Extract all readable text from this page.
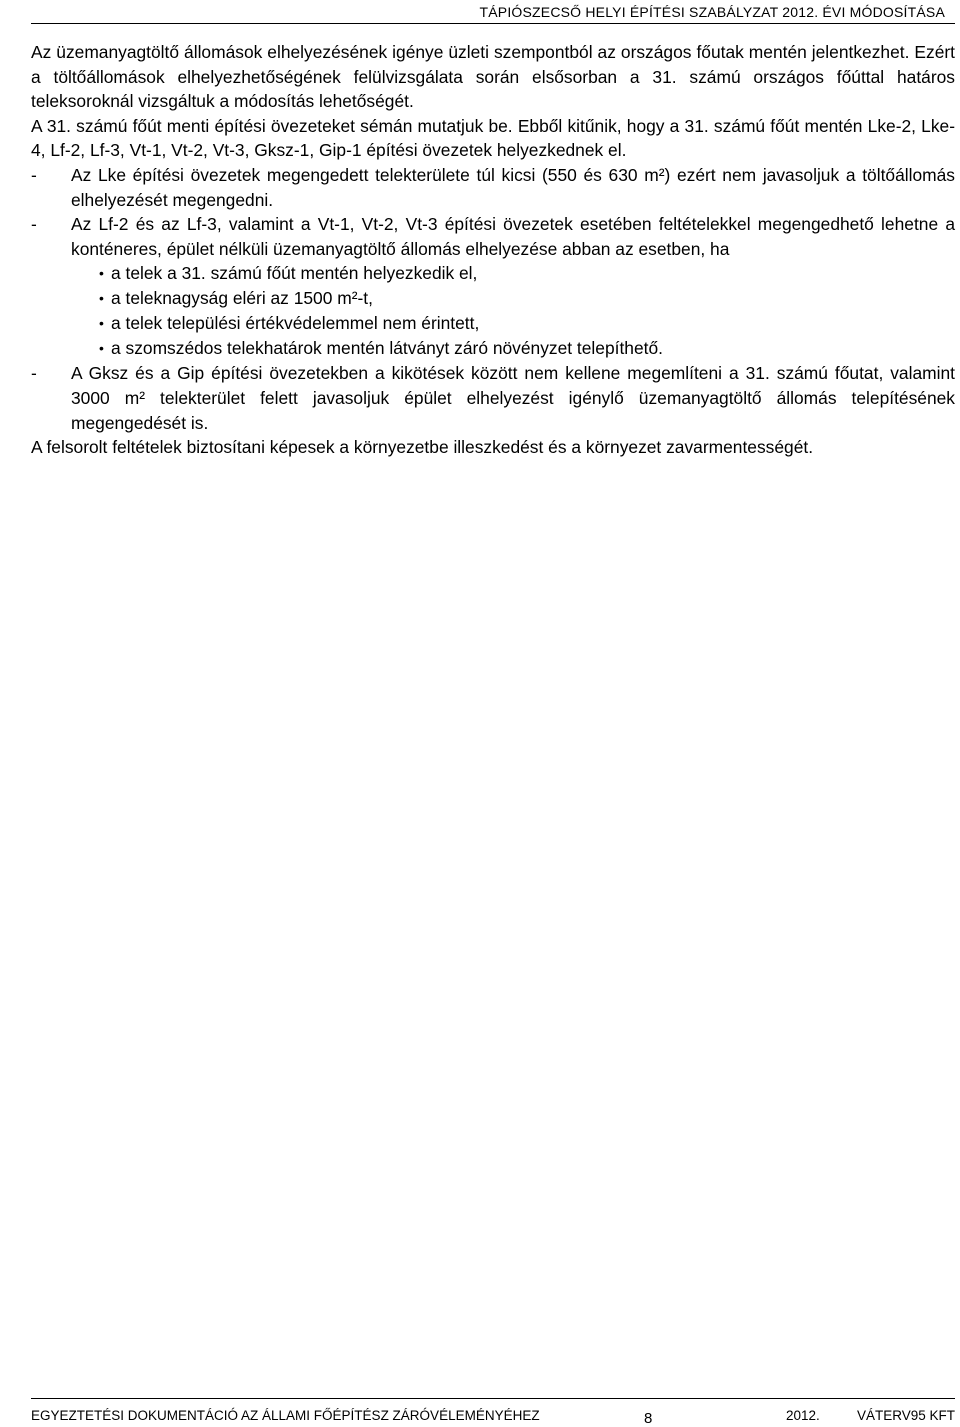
TÁPIÓSZECSŐ HELYI ÉPÍTÉSI SZABÁLYZAT 2012. ÉVI MÓDOSÍTÁSA

Az üzemanyagtöltő állomások elhelyezésének igénye üzleti szempontból az országos főutak mentén jelentkezhet. Ezért a töltőállomások elhelyezhetőségének felülvizsgálata során elsősorban a 31. számú országos főúttal határos teleksoroknál vizsgáltuk a módosítás lehetőségét.

A 31. számú főút menti építési övezeteket sémán mutatjuk be. Ebből kitűnik, hogy a 31. számú főút mentén Lke-2, Lke-4, Lf-2, Lf-3, Vt-1, Vt-2, Vt-3, Gksz-1, Gip-1 építési övezetek helyezkednek el.

-	Az Lke építési övezetek megengedett telekterülete túl kicsi (550 és 630 m²) ezért nem javasoljuk a töltőállomás elhelyezését megengedni.
-	Az Lf-2 és az Lf-3, valamint a Vt-1, Vt-2, Vt-3 építési övezetek esetében feltételekkel megengedhető lehetne a konténeres, épület nélküli üzemanyagtöltő állomás elhelyezése abban az esetben, ha
• a telek a 31. számú főút mentén helyezkedik el,
• a teleknagyság eléri az 1500 m²-t,
• a telek települési értékvédelemmel nem érintett,
• a szomszédos telekhatárok mentén látványt záró növényzet telepíthető.
-	A Gksz és a Gip építési övezetekben a kikötések között nem kellene megemlíteni a 31. számú főutat, valamint 3000 m² telekterület felett javasoljuk épület elhelyezést igénylő üzemanyagtöltő állomás telepítésének megengedését is.

A felsorolt feltételek biztosítani képesek a környezetbe illeszkedést és a környezet zavarmentességét.

EGYEZTETÉSI DOKUMENTÁCIÓ AZ ÁLLAMI FŐÉPÍTÉSZ ZÁRÓVÉLEMÉNYÉHEZ	8	2012.	VÁTERV95 KFT
